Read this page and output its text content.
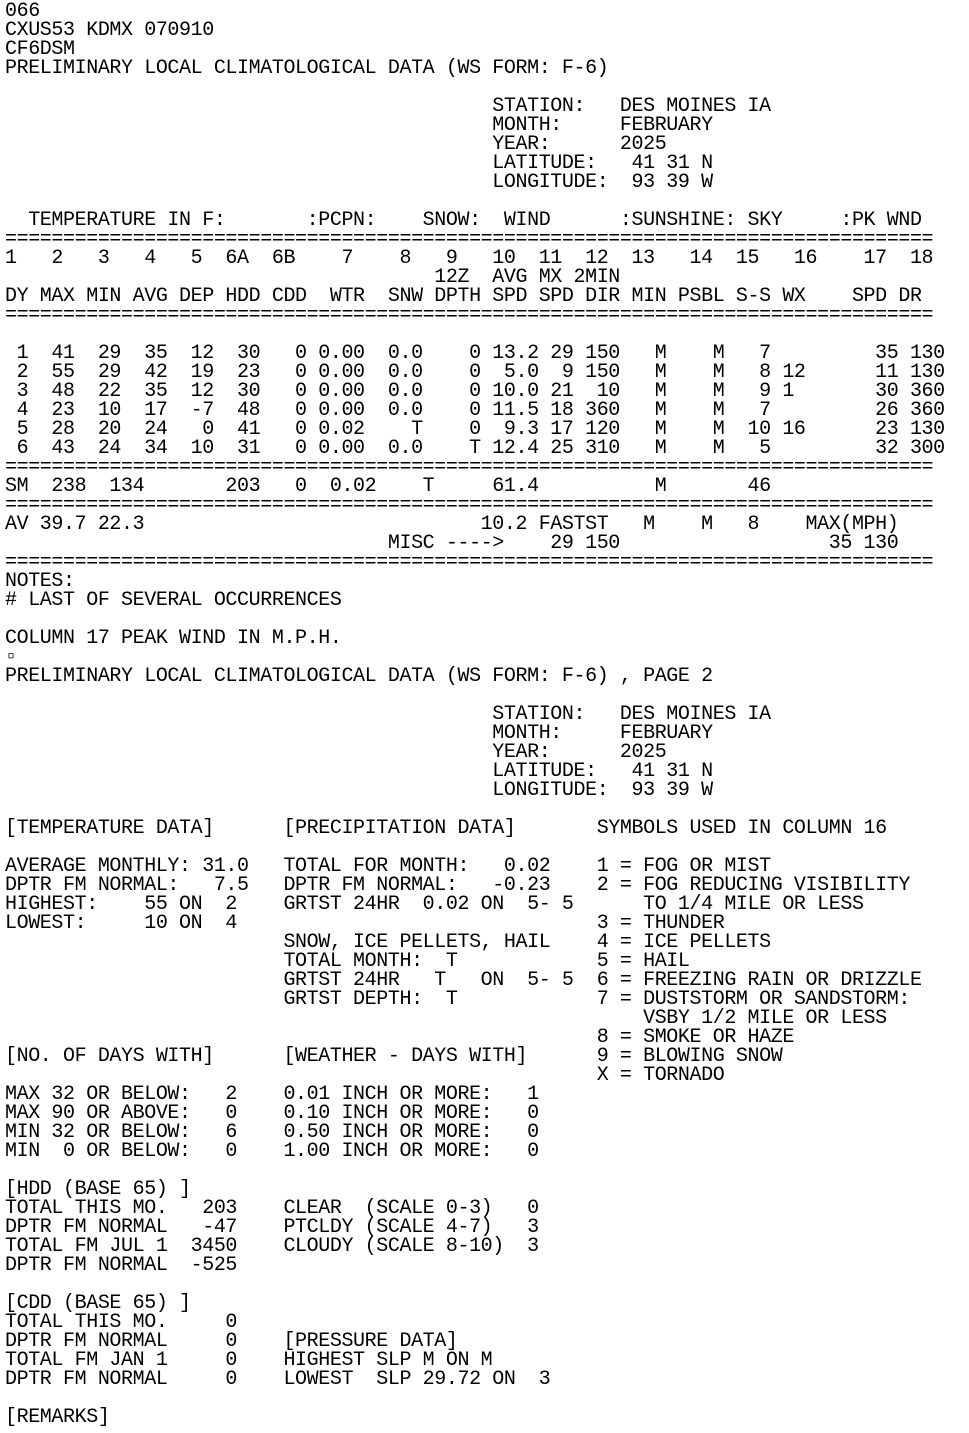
066
CXUS53 KDMX 070910
CF6DSM
PRELIMINARY LOCAL CLIMATOLOGICAL DATA (WS FORM: F-6)

STATION:   DES MOINES IA
MONTH:     FEBRUARY
YEAR:      2025
LATITUDE:   41 31 N
LONGITUDE:  93 39 W

TEMPERATURE IN F:       :PCPN:    SNOW:  WIND      :SUNSHINE: SKY     :PK WND
================================================================================
1   2   3   4   5  6A  6B    7    8   9   10  11  12  13   14  15   16    17  18
12Z  AVG MX 2MIN
DY MAX MIN AVG DEP HDD CDD  WTR  SNW DPTH SPD SPD DIR MIN PSBL S-S WX    SPD DR
================================================================================

1  41  29  35  12  30   0 0.00  0.0    0 13.2 29 150   M    M   7         35 130
2  55  29  42  19  23   0 0.00  0.0    0  5.0  9 150   M    M   8 12      11 130
3  48  22  35  12  30   0 0.00  0.0    0 10.0 21  10   M    M   9 1       30 360
4  23  10  17  -7  48   0 0.00  0.0    0 11.5 18 360   M    M   7         26 360
5  28  20  24   0  41   0 0.02    T    0  9.3 17 120   M    M  10 16      23 130
6  43  24  34  10  31   0 0.00  0.0    T 12.4 25 310   M    M   5         32 300
================================================================================
SM  238  134       203   0  0.02    T     61.4          M       46
================================================================================
AV 39.7 22.3                             10.2 FASTST   M    M   8    MAX(MPH)
MISC ---->    29 150                  35 130
================================================================================
NOTES:
# LAST OF SEVERAL OCCURRENCES

COLUMN 17 PEAK WIND IN M.P.H.
▫
PRELIMINARY LOCAL CLIMATOLOGICAL DATA (WS FORM: F-6) , PAGE 2

STATION:   DES MOINES IA
MONTH:     FEBRUARY
YEAR:      2025
LATITUDE:   41 31 N
LONGITUDE:  93 39 W

[TEMPERATURE DATA]      [PRECIPITATION DATA]       SYMBOLS USED IN COLUMN 16

AVERAGE MONTHLY: 31.0   TOTAL FOR MONTH:   0.02    1 = FOG OR MIST
DPTR FM NORMAL:   7.5   DPTR FM NORMAL:   -0.23    2 = FOG REDUCING VISIBILITY
HIGHEST:    55 ON  2    GRTST 24HR  0.02 ON  5- 5      TO 1/4 MILE OR LESS
LOWEST:     10 ON  4                               3 = THUNDER
SNOW, ICE PELLETS, HAIL    4 = ICE PELLETS
TOTAL MONTH:  T            5 = HAIL
GRTST 24HR   T   ON  5- 5  6 = FREEZING RAIN OR DRIZZLE
GRTST DEPTH:  T            7 = DUSTSTORM OR SANDSTORM:
VSBY 1/2 MILE OR LESS
8 = SMOKE OR HAZE
[NO. OF DAYS WITH]      [WEATHER - DAYS WITH]      9 = BLOWING SNOW
X = TORNADO
MAX 32 OR BELOW:   2    0.01 INCH OR MORE:   1
MAX 90 OR ABOVE:   0    0.10 INCH OR MORE:   0
MIN 32 OR BELOW:   6    0.50 INCH OR MORE:   0
MIN  0 OR BELOW:   0    1.00 INCH OR MORE:   0

[HDD (BASE 65) ]
TOTAL THIS MO.   203    CLEAR  (SCALE 0-3)   0
DPTR FM NORMAL   -47    PTCLDY (SCALE 4-7)   3
TOTAL FM JUL 1  3450    CLOUDY (SCALE 8-10)  3
DPTR FM NORMAL  -525

[CDD (BASE 65) ]
TOTAL THIS MO.     0
DPTR FM NORMAL     0    [PRESSURE DATA]
TOTAL FM JAN 1     0    HIGHEST SLP M ON M
DPTR FM NORMAL     0    LOWEST  SLP 29.72 ON  3

[REMARKS]
